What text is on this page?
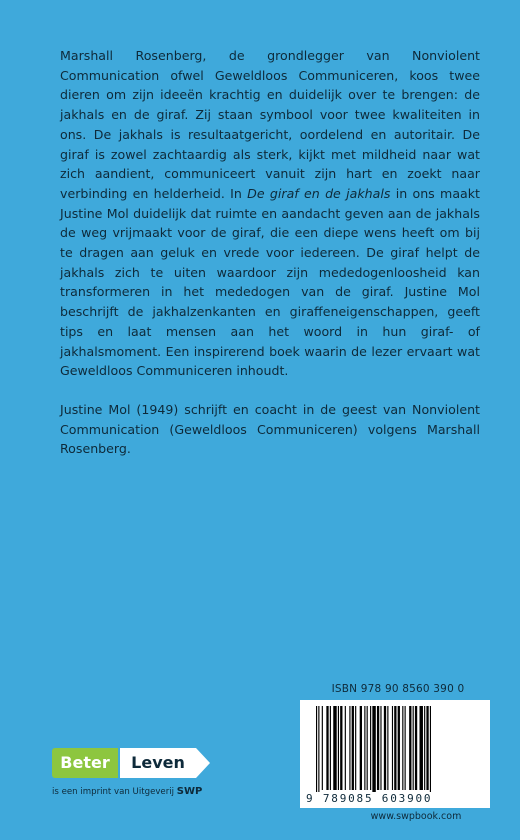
Marshall Rosenberg, de grondlegger van Nonviolent Communication ofwel Geweldloos Communiceren, koos twee dieren om zijn ideeën krachtig en duidelijk over te brengen: de jakhals en de giraf. Zij staan symbool voor twee kwaliteiten in ons. De jakhals is resultaatgericht, oordelend en autoritair. De giraf is zowel zachtaardig als sterk, kijkt met mildheid naar wat zich aandient, communiceert vanuit zijn hart en zoekt naar verbinding en helderheid. In De giraf en de jakhals in ons maakt Justine Mol duidelijk dat ruimte en aandacht geven aan de jakhals de weg vrijmaakt voor de giraf, die een diepe wens heeft om bij te dragen aan geluk en vrede voor iedereen. De giraf helpt de jakhals zich te uiten waardoor zijn mededogenloosheid kan transformeren in het mededogen van de giraf. Justine Mol beschrijft de jakhalzenkanten en giraffeneigenschappen, geeft tips en laat mensen aan het woord in hun giraf- of jakhalsmoment. Een inspirerend boek waarin de lezer ervaart wat Geweldloos Communiceren inhoudt.

Justine Mol (1949) schrijft en coacht in de geest van Nonviolent Communication (Geweldloos Communiceren) volgens Marshall Rosenberg.

ISBN 978 90 8560 390 0
9 789085 603900
www.swpbook.com
Beter	Leven
is een imprint van Uitgeverij SWP
